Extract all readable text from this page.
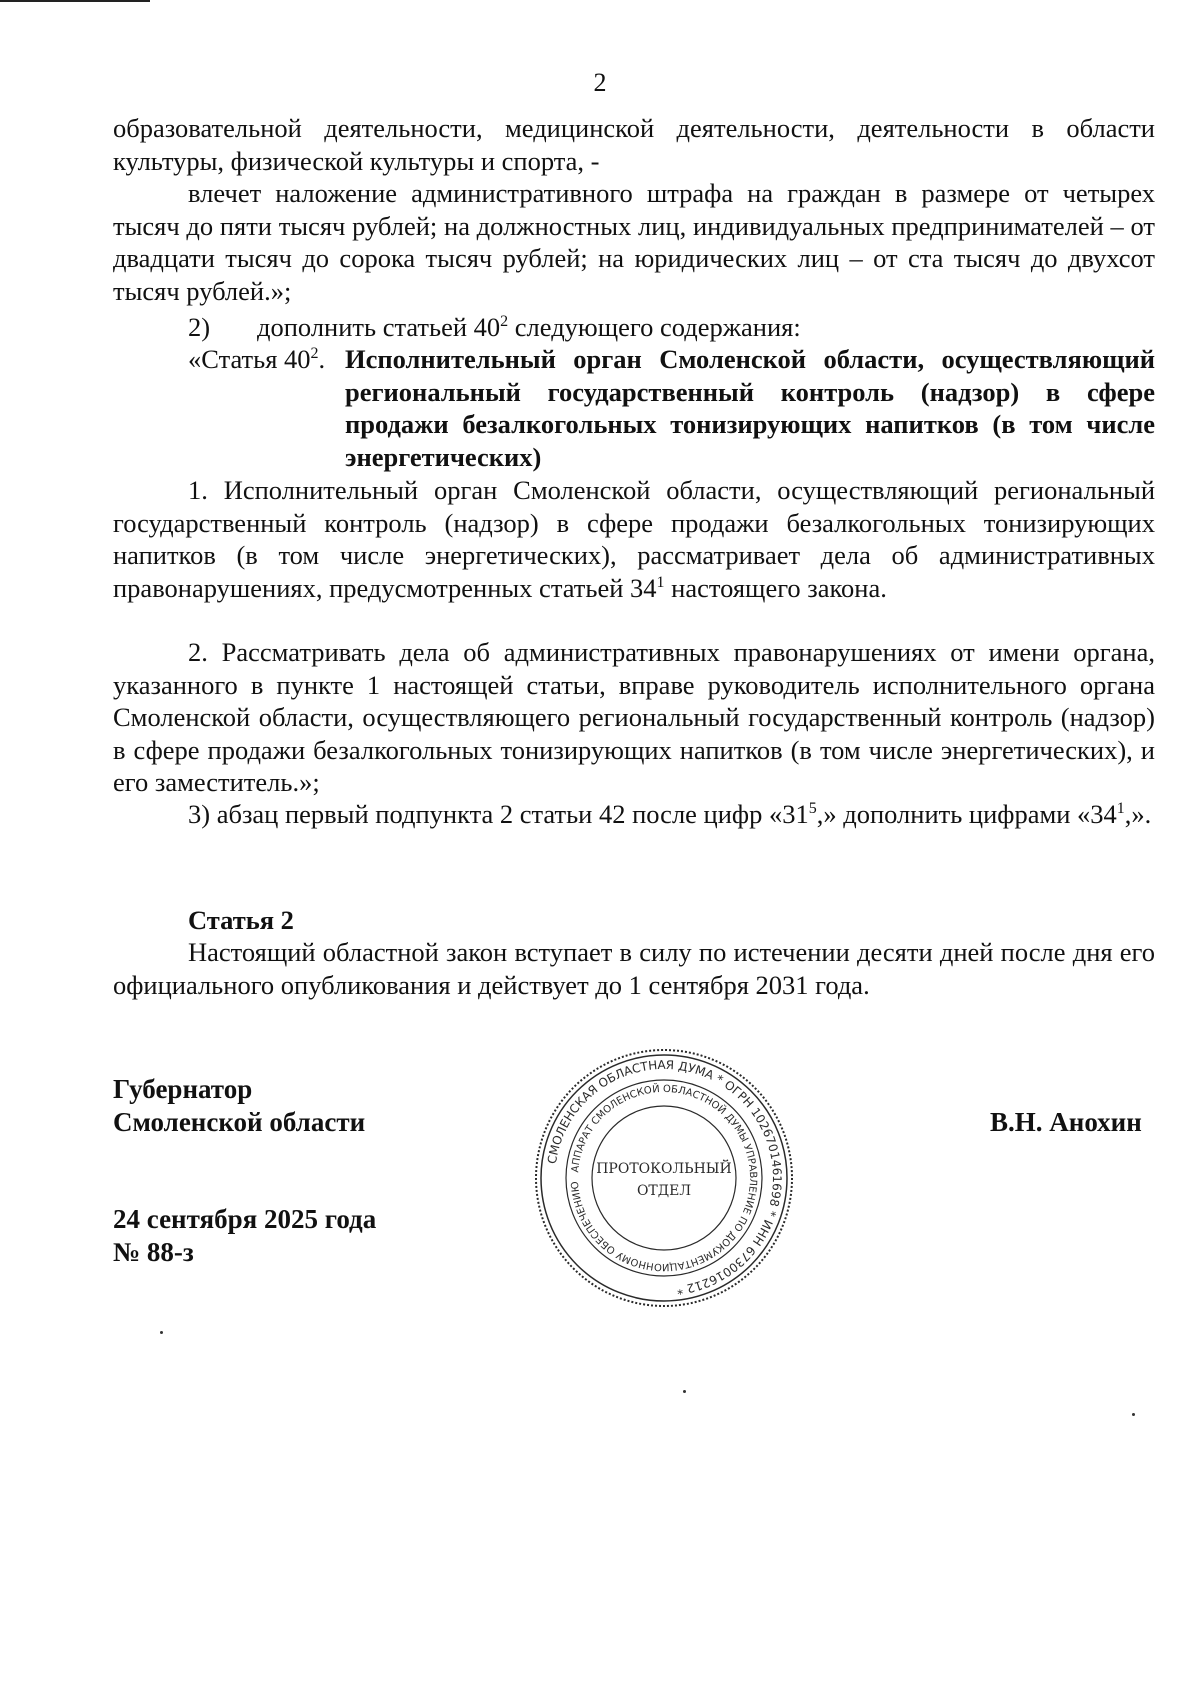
2

образовательной деятельности, медицинской деятельности, деятельности в области культуры, физической культуры и спорта, -

влечет наложение административного штрафа на граждан в размере от четырех тысяч до пяти тысяч рублей; на должностных лиц, индивидуальных предпринимателей – от двадцати тысяч до сорока тысяч рублей; на юридических лиц – от ста тысяч до двухсот тысяч рублей.»;

2) дополнить статьей $40^2$ следующего содержания:
«Статья $40^2$. Исполнительный орган Смоленской области, осуществляющий региональный государственный контроль (надзор) в сфере продажи безалкогольных тонизирующих напитков (в том числе энергетических)

1. Исполнительный орган Смоленской области, осуществляющий региональный государственный контроль (надзор) в сфере продажи безалкогольных тонизирующих напитков (в том числе энергетических), рассматривает дела об административных правонарушениях, предусмотренных статьей $34^1$ настоящего закона.

2. Рассматривать дела об административных правонарушениях от имени органа, указанного в пункте 1 настоящей статьи, вправе руководитель исполнительного органа Смоленской области, осуществляющего региональный государственный контроль (надзор) в сфере продажи безалкогольных тонизирующих напитков (в том числе энергетических), и его заместитель.»;

3) абзац первый подпункта 2 статьи 42 после цифр «$31^5$,» дополнить цифрами «$34^1$,».

Статья 2

Настоящий областной закон вступает в силу по истечении десяти дней после дня его официального опубликования и действует до 1 сентября 2031 года.

Губернатор
Смоленской области	В.Н. Анохин
24 сентября 2025 года
№ 88-з
СМОЛЕНСКАЯ ОБЛАСТНАЯ ДУМА * ОГРН 1026701461698 * ИНН 6730016212 *
АППАРАТ СМОЛЕНСКОЙ ОБЛАСТНОЙ ДУМЫ УПРАВЛЕНИЕ ПО ДОКУМЕНТАЦИОННОМУ ОБЕСПЕЧЕНИЮ
ПРОТОКОЛЬНЫЙ
ОТДЕЛ
